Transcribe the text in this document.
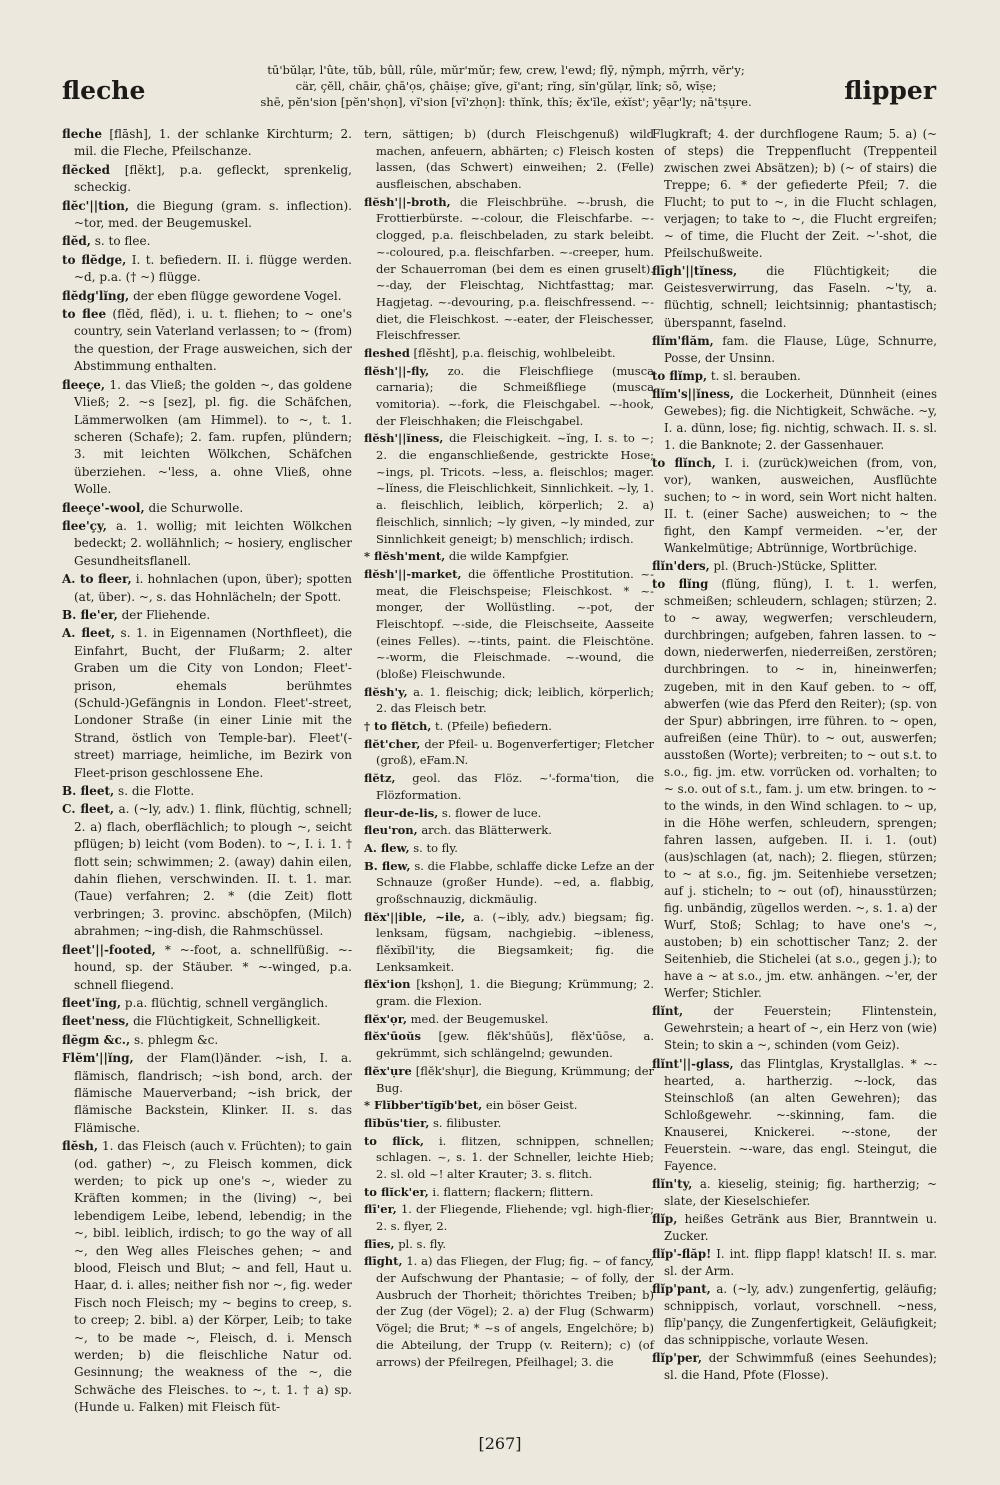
fleche
tū'bŭlạr, l'ûte, tŭb, bûll, rûle, mŭr'mŭr; few, crew, l'ewd; flȳ, nȳmph, mȳrrh, vĕr'y;
cär, çĕll, chāir, çhā'ọs, çhāiṣe; gĭve, gĭ'ant; rĭng, sĭn'gŭlạr, lĭnk; sō, wīṣe;
shē, pĕn'sion [pĕn'shọn], vĭ'sion [vĭ'zhọn]: thĭnk, thĭs; ĕx'ĭle, eẋĭst'; yēạr'ly; nā'tṣụre.	flipper

fleche [flāsh], 1. der schlanke Kirchturm; 2. mil. die Fleche, Pfeilschanze.

flĕcked [flĕkt], p.a. gefleckt, sprenkelig, scheckig.

flĕc'||tion, die Biegung (gram. s. inflection). ~tor, med. der Beugemuskel.

flĕd, s. to flee.

to flĕdge, I. t. befiedern. II. i. flügge werden. ~d, p.a. († ~) flügge.

flĕdg'lĭng, der eben flügge gewordene Vogel.

to flee (flĕd, flĕd), i. u. t. fliehen; to ~ one's country, sein Vaterland verlassen; to ~ (from) the question, der Frage ausweichen, sich der Abstimmung enthalten.

fleeçe, 1. das Vließ; the golden ~, das goldene Vließ; 2. ~s [sez], pl. fig. die Schäfchen, Lämmerwolken (am Himmel). to ~, t. 1. scheren (Schafe); 2. fam. rupfen, plündern; 3. mit leichten Wölkchen, Schäfchen überziehen. ~'less, a. ohne Vließ, ohne Wolle.

fleeçe'-wool, die Schurwolle.

flee'çy, a. 1. wollig; mit leichten Wölkchen bedeckt; 2. wollähnlich; ~ hosiery, englischer Gesundheitsflanell.

A. to fleer, i. hohnlachen (upon, über); spotten (at, über). ~, s. das Hohnlächeln; der Spott.

B. fle'er, der Fliehende.

A. fleet, s. 1. in Eigennamen (Northfleet), die Einfahrt, Bucht, der Flußarm; 2. alter Graben um die City von London; Fleet'-prison, ehemals berühmtes (Schuld-)Gefängnis in London. Fleet'-street, Londoner Straße (in einer Linie mit the Strand, östlich von Temple-bar). Fleet'(-street) marriage, heimliche, im Bezirk von Fleet-prison geschlossene Ehe.

B. fleet, s. die Flotte.

C. fleet, a. (~ly, adv.) 1. flink, flüchtig, schnell; 2. a) flach, oberflächlich; to plough ~, seicht pflügen; b) leicht (vom Boden). to ~, I. i. 1. † flott sein; schwimmen; 2. (away) dahin eilen, dahin fliehen, verschwinden. II. t. 1. mar. (Taue) verfahren; 2. * (die Zeit) flott verbringen; 3. provinc. abschöpfen, (Milch) abrahmen; ~ing-dish, die Rahmschüssel.

fleet'||-footed, * ~-foot, a. schnellfüßig. ~-hound, sp. der Stäuber. * ~-winged, p.a. schnell fliegend.

fleet'ĭng, p.a. flüchtig, schnell vergänglich.

fleet'ness, die Flüchtigkeit, Schnelligkeit.

flĕgm &c., s. phlegm &c.

Flĕm'||ĭng, der Flam(l)änder. ~ish, I. a. flämisch, flandrisch; ~ish bond, arch. der flämische Mauerverband; ~ish brick, der flämische Backstein, Klinker. II. s. das Flämische.

flĕsh, 1. das Fleisch (auch v. Früchten); to gain (od. gather) ~, zu Fleisch kommen, dick werden; to pick up one's ~, wieder zu Kräften kommen; in the (living) ~, bei lebendigem Leibe, lebend, lebendig; in the ~, bibl. leiblich, irdisch; to go the way of all ~, den Weg alles Fleisches gehen; ~ and blood, Fleisch und Blut; ~ and fell, Haut u. Haar, d. i. alles; neither fish nor ~, fig. weder Fisch noch Fleisch; my ~ begins to creep, s. to creep; 2. bibl. a) der Körper, Leib; to take ~, to be made ~, Fleisch, d. i. Mensch werden; b) die fleischliche Natur od. Gesinnung; the weakness of the ~, die Schwäche des Fleisches. to ~, t. 1. † a) sp. (Hunde u. Falken) mit Fleisch füt-

tern, sättigen; b) (durch Fleischgenuß) wild machen, anfeuern, abhärten; c) Fleisch kosten lassen, (das Schwert) einweihen; 2. (Felle) ausfleischen, abschaben.

flĕsh'||-broth, die Fleischbrühe. ~-brush, die Frottierbürste. ~-colour, die Fleischfarbe. ~-clogged, p.a. fleischbeladen, zu stark beleibt. ~-coloured, p.a. fleischfarben. ~-creeper, hum. der Schauerroman (bei dem es einen gruselt). ~-day, der Fleischtag, Nichtfasttag; mar. Hagjetag. ~-devouring, p.a. fleischfressend. ~-diet, die Fleischkost. ~-eater, der Fleischesser, Fleischfresser.

fleshed [flĕsht], p.a. fleischig, wohlbeleibt.

flĕsh'||-fly, zo. die Fleischfliege (musca carnaria); die Schmeißfliege (musca vomitoria). ~-fork, die Fleischgabel. ~-hook, der Fleischhaken; die Fleischgabel.

flĕsh'||ĭness, die Fleischigkeit. ~ĭng, I. s. to ~; 2. die enganschließende, gestrickte Hose; ~ings, pl. Tricots. ~less, a. fleischlos; mager. ~lĭness, die Fleischlichkeit, Sinnlichkeit. ~ly, 1. a. fleischlich, leiblich, körperlich; 2. a) fleischlich, sinnlich; ~ly given, ~ly minded, zur Sinnlichkeit geneigt; b) menschlich; irdisch.

* flĕsh'ment, die wilde Kampfgier.

flĕsh'||-market, die öffentliche Prostitution. ~-meat, die Fleischspeise; Fleischkost. * ~-monger, der Wollüstling. ~-pot, der Fleischtopf. ~-side, die Fleischseite, Aasseite (eines Felles). ~-tints, paint. die Fleischtöne. ~-worm, die Fleischmade. ~-wound, die (bloße) Fleischwunde.

flĕsh'y, a. 1. fleischig; dick; leiblich, körperlich; 2. das Fleisch betr.

† to flĕtch, t. (Pfeile) befiedern.

flĕt'cher, der Pfeil- u. Bogenverfertiger; Fletcher (groß), eFam.N.

flĕtz, geol. das Flöz. ~'-forma'tion, die Flözformation.

fleur-de-lis, s. flower de luce.

fleu'ron, arch. das Blätterwerk.

A. flew, s. to fly.

B. flew, s. die Flabbe, schlaffe dicke Lefze an der Schnauze (großer Hunde). ~ed, a. flabbig, großschnauzig, dickmäulig.

flĕx'||ible, ~ile, a. (~ibly, adv.) biegsam; fig. lenksam, fügsam, nachgiebig. ~ibleness, flĕxĭbĭl'ity, die Biegsamkeit; fig. die Lenksamkeit.

flĕx'ion [kshọn], 1. die Biegung; Krümmung; 2. gram. die Flexion.

flĕx'ọr, med. der Beugemuskel.

flĕx'ūoŭs [gew. flĕk'shūŭs], flĕx'ūōse, a. gekrümmt, sich schlängelnd; gewunden.

flĕx'ụre [flĕk'shụr], die Biegung, Krümmung; der Bug.

* Flĭbber'tĭgĭb'bet, ein böser Geist.

flĭbŭs'tier, s. filibuster.

to flĭck, i. flitzen, schnippen, schnellen; schlagen. ~, s. 1. der Schneller, leichte Hieb; 2. sl. old ~! alter Krauter; 3. s. flitch.

to flĭck'er, i. flattern; flackern; flittern.

flī'er, 1. der Fliegende, Fliehende; vgl. high-flier; 2. s. flyer, 2.

flīes, pl. s. fly.

flīght, 1. a) das Fliegen, der Flug; fig. ~ of fancy, der Aufschwung der Phantasie; ~ of folly, der Ausbruch der Thorheit; thörichtes Treiben; b) der Zug (der Vögel); 2. a) der Flug (Schwarm) Vögel; die Brut; * ~s of angels, Engelchöre; b) die Abteilung, der Trupp (v. Reitern); c) (of arrows) der Pfeilregen, Pfeilhagel; 3. die

Flugkraft; 4. der durchflogene Raum; 5. a) (~ of steps) die Treppenflucht (Treppenteil zwischen zwei Absätzen); b) (~ of stairs) die Treppe; 6. * der gefiederte Pfeil; 7. die Flucht; to put to ~, in die Flucht schlagen, verjagen; to take to ~, die Flucht ergreifen; ~ of time, die Flucht der Zeit. ~'-shot, die Pfeilschußweite.

flīgh'||tĭness, die Flüchtigkeit; die Geistesverwirrung, das Faseln. ~'ty, a. flüchtig, schnell; leichtsinnig; phantastisch; überspannt, faselnd.

flĭm'flăm, fam. die Flause, Lüge, Schnurre, Posse, der Unsinn.

to flĭmp, t. sl. berauben.

flĭm's||ĭness, die Lockerheit, Dünnheit (eines Gewebes); fig. die Nichtigkeit, Schwäche. ~y, I. a. dünn, lose; fig. nichtig, schwach. II. s. sl. 1. die Banknote; 2. der Gassenhauer.

to flĭnch, I. i. (zurück)weichen (from, von, vor), wanken, ausweichen, Ausflüchte suchen; to ~ in word, sein Wort nicht halten. II. t. (einer Sache) ausweichen; to ~ the fight, den Kampf vermeiden. ~'er, der Wankelmütige; Abtrünnige, Wortbrüchige.

flĭn'ders, pl. (Bruch-)Stücke, Splitter.

to flĭng (flŭng, flŭng), I. t. 1. werfen, schmeißen; schleudern, schlagen; stürzen; 2. to ~ away, wegwerfen; verschleudern, durchbringen; aufgeben, fahren lassen. to ~ down, niederwerfen, niederreißen, zerstören; durchbringen. to ~ in, hineinwerfen; zugeben, mit in den Kauf geben. to ~ off, abwerfen (wie das Pferd den Reiter); (sp. von der Spur) abbringen, irre führen. to ~ open, aufreißen (eine Thür). to ~ out, auswerfen; ausstoßen (Worte); verbreiten; to ~ out s.t. to s.o., fig. jm. etw. vorrücken od. vorhalten; to ~ s.o. out of s.t., fam. j. um etw. bringen. to ~ to the winds, in den Wind schlagen. to ~ up, in die Höhe werfen, schleudern, sprengen; fahren lassen, aufgeben. II. i. 1. (out) (aus)schlagen (at, nach); 2. fliegen, stürzen; to ~ at s.o., fig. jm. Seitenhiebe versetzen; auf j. sticheln; to ~ out (of), hinausstürzen; fig. unbändig, zügellos werden. ~, s. 1. a) der Wurf, Stoß; Schlag; to have one's ~, austoben; b) ein schottischer Tanz; 2. der Seitenhieb, die Stichelei (at s.o., gegen j.); to have a ~ at s.o., jm. etw. anhängen. ~'er, der Werfer; Stichler.

flĭnt,	der Feuerstein; Flintenstein, Gewehrstein; a heart of ~, ein Herz von (wie) Stein; to skin a ~, schinden (vom Geiz).

flĭnt'||-glass, das Flintglas, Krystallglas. * ~-hearted, a. hartherzig. ~-lock, das Steinschloß (an alten Gewehren); das Schloßgewehr. ~-skinning, fam. die Knauserei, Knickerei. ~-stone, der Feuerstein. ~-ware, das engl. Steingut, die Fayence.

flĭn'ty, a. kieselig, steinig; fig. hartherzig; ~ slate, der Kieselschiefer.

flĭp, heißes Getränk aus Bier, Branntwein u. Zucker.

flĭp'-flăp! I. int. flipp flapp! klatsch! II. s. mar. sl. der Arm.

flĭp'pant, a. (~ly, adv.) zungenfertig, geläufig; schnippisch, vorlaut, vorschnell. ~ness, flĭp'pançy, die Zungenfertigkeit, Geläufigkeit; das schnippische, vorlaute Wesen.

flĭp'per, der Schwimmfuß (eines Seehundes); sl. die Hand, Pfote (Flosse).

[267]
